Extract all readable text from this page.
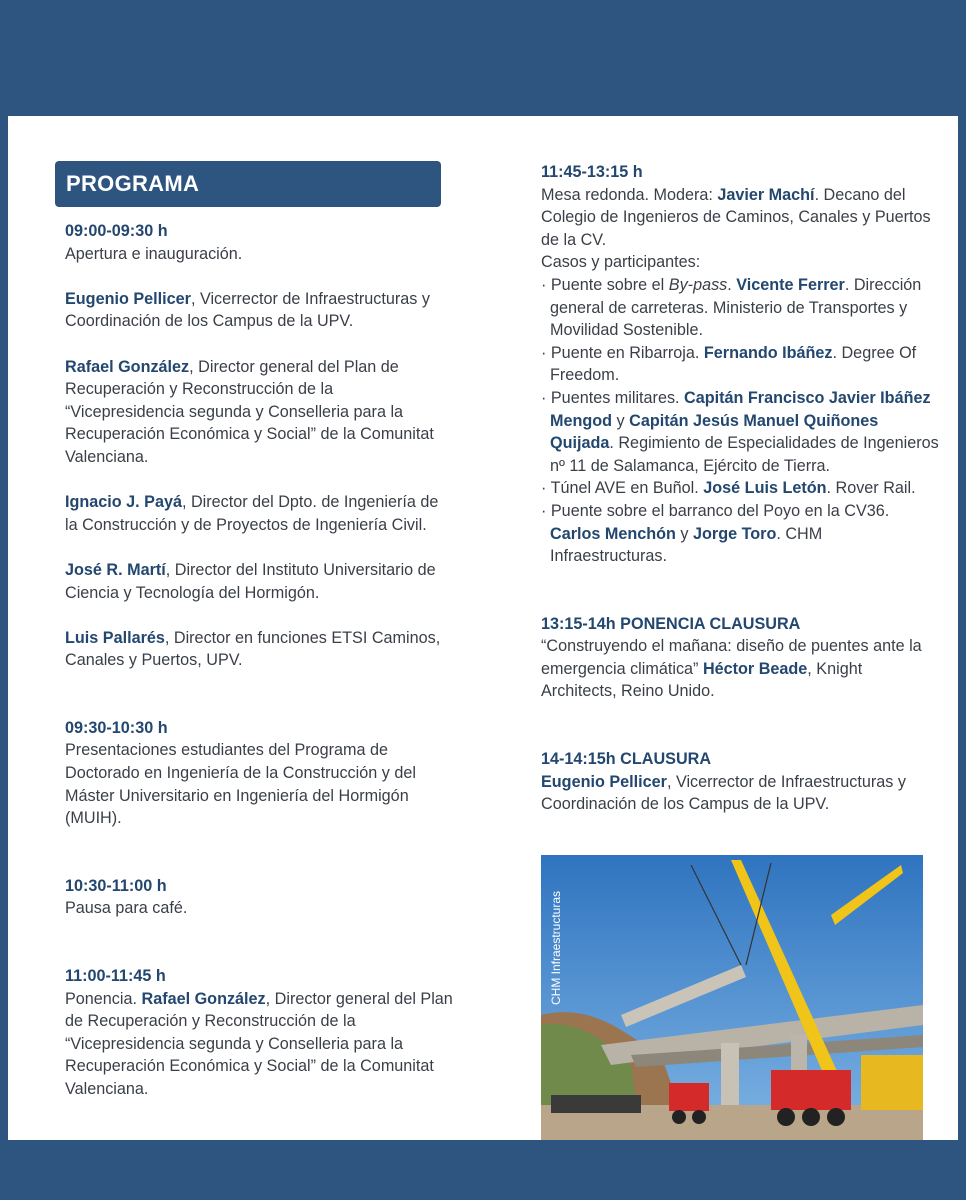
PROGRAMA

09:00-09:30 h

Apertura e inauguración.

Eugenio Pellicer, Vicerrector de Infraestructuras y Coordinación de los Campus de la UPV.

Rafael González, Director general del Plan de Recuperación y Reconstrucción de la “Vicepresidencia segunda y Conselleria para la Recuperación Económica y Social” de la Comunitat Valenciana.

Ignacio J. Payá, Director del Dpto. de Ingeniería de la Construcción y de Proyectos de Ingeniería Civil.

José R. Martí, Director del Instituto Universitario de Ciencia y Tecnología del Hormigón.

Luis Pallarés, Director en funciones ETSI Caminos, Canales y Puertos, UPV.

09:30-10:30 h

Presentaciones estudiantes del Programa de Doctorado en Ingeniería de la Construcción y del Máster Universitario en Ingeniería del Hormigón (MUIH).

10:30-11:00 h

Pausa para café.

11:00-11:45 h

Ponencia. Rafael González, Director general del Plan de Recuperación y Reconstrucción de la “Vicepresidencia segunda y Conselleria para la Recuperación Económica y Social” de la Comunitat Valenciana.

11:45-13:15 h

Mesa redonda. Modera: Javier Machí. Decano del Colegio de Ingenieros de Caminos, Canales y Puertos de la CV.

Casos y participantes:

· Puente sobre el By-pass. Vicente Ferrer. Dirección general de carreteras. Ministerio de Transportes y Movilidad Sostenible.

· Puente en Ribarroja. Fernando Ibáñez. Degree Of Freedom.

· Puentes militares. Capitán Francisco Javier Ibáñez Mengod y Capitán Jesús Manuel Quiñones Quijada. Regimiento de Especialidades de Ingenieros nº 11 de Salamanca, Ejército de Tierra.

· Túnel AVE en Buñol. José Luis Letón. Rover Rail.

· Puente sobre el barranco del Poyo en la CV36. Carlos Menchón y Jorge Toro. CHM Infraestructuras.

13:15-14h PONENCIA CLAUSURA

“Construyendo el mañana: diseño de puentes ante la emergencia climática” Héctor Beade, Knight Architects, Reino Unido.

14-14:15h CLAUSURA

Eugenio Pellicer, Vicerrector de Infraestructuras y Coordinación de los Campus de la UPV.

CHM Infraestructuras
